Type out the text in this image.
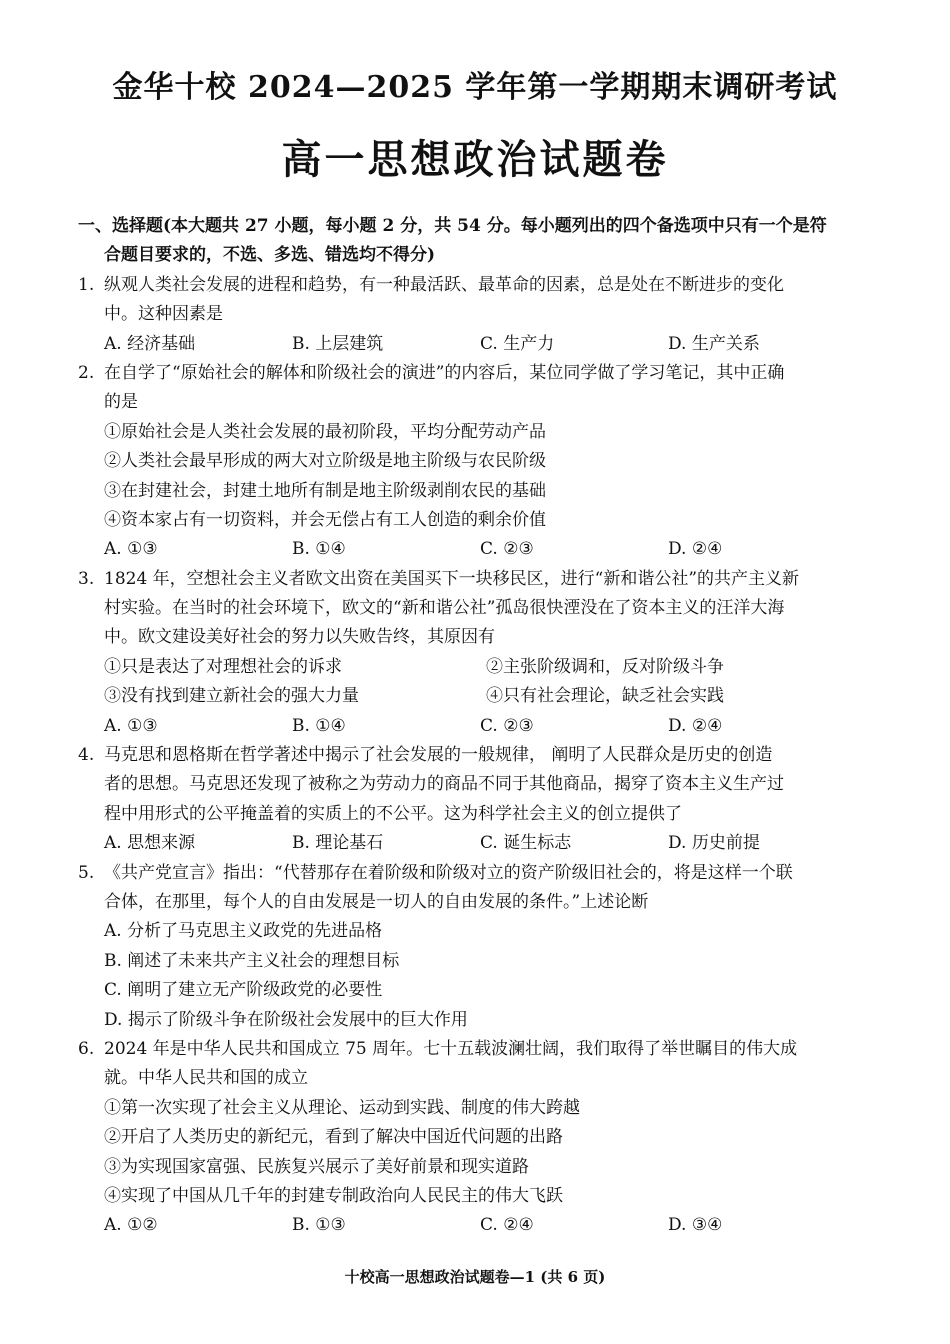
金华十校 2024—2025 学年第一学期期末调研考试
高一思想政治试题卷
一、选择题(本大题共 27 小题，每小题 2 分，共 54 分。每小题列出的四个备选项中只有一个是符
合题目要求的，不选、多选、错选均不得分)
1. 纵观人类社会发展的进程和趋势，有一种最活跃、最革命的因素，总是处在不断进步的变化
中。这种因素是
A. 经济基础	B. 上层建筑	C. 生产力	D. 生产关系
2. 在自学了“原始社会的解体和阶级社会的演进”的内容后，某位同学做了学习笔记，其中正确
的是
①原始社会是人类社会发展的最初阶段，平均分配劳动产品
②人类社会最早形成的两大对立阶级是地主阶级与农民阶级
③在封建社会，封建土地所有制是地主阶级剥削农民的基础
④资本家占有一切资料，并会无偿占有工人创造的剩余价值
A. ①③	B. ①④	C. ②③	D. ②④
3. 1824 年，空想社会主义者欧文出资在美国买下一块移民区，进行“新和谐公社”的共产主义新
村实验。在当时的社会环境下，欧文的“新和谐公社”孤岛很快湮没在了资本主义的汪洋大海
中。欧文建设美好社会的努力以失败告终，其原因有
①只是表达了对理想社会的诉求	②主张阶级调和，反对阶级斗争
③没有找到建立新社会的强大力量	④只有社会理论，缺乏社会实践
A. ①③	B. ①④	C. ②③	D. ②④
4. 马克思和恩格斯在哲学著述中揭示了社会发展的一般规律， 阐明了人民群众是历史的创造
者的思想。马克思还发现了被称之为劳动力的商品不同于其他商品，揭穿了资本主义生产过
程中用形式的公平掩盖着的实质上的不公平。这为科学社会主义的创立提供了
A. 思想来源	B. 理论基石	C. 诞生标志	D. 历史前提
5. 《共产党宣言》指出：“代替那存在着阶级和阶级对立的资产阶级旧社会的，将是这样一个联
合体，在那里，每个人的自由发展是一切人的自由发展的条件。”上述论断
A. 分析了马克思主义政党的先进品格
B. 阐述了未来共产主义社会的理想目标
C. 阐明了建立无产阶级政党的必要性
D. 揭示了阶级斗争在阶级社会发展中的巨大作用
6. 2024 年是中华人民共和国成立 75 周年。七十五载波澜壮阔，我们取得了举世瞩目的伟大成
就。中华人民共和国的成立
①第一次实现了社会主义从理论、运动到实践、制度的伟大跨越
②开启了人类历史的新纪元，看到了解决中国近代问题的出路
③为实现国家富强、民族复兴展示了美好前景和现实道路
④实现了中国从几千年的封建专制政治向人民民主的伟大飞跃
A. ①②	B. ①③	C. ②④	D. ③④
十校高一思想政治试题卷—1 (共 6 页)
